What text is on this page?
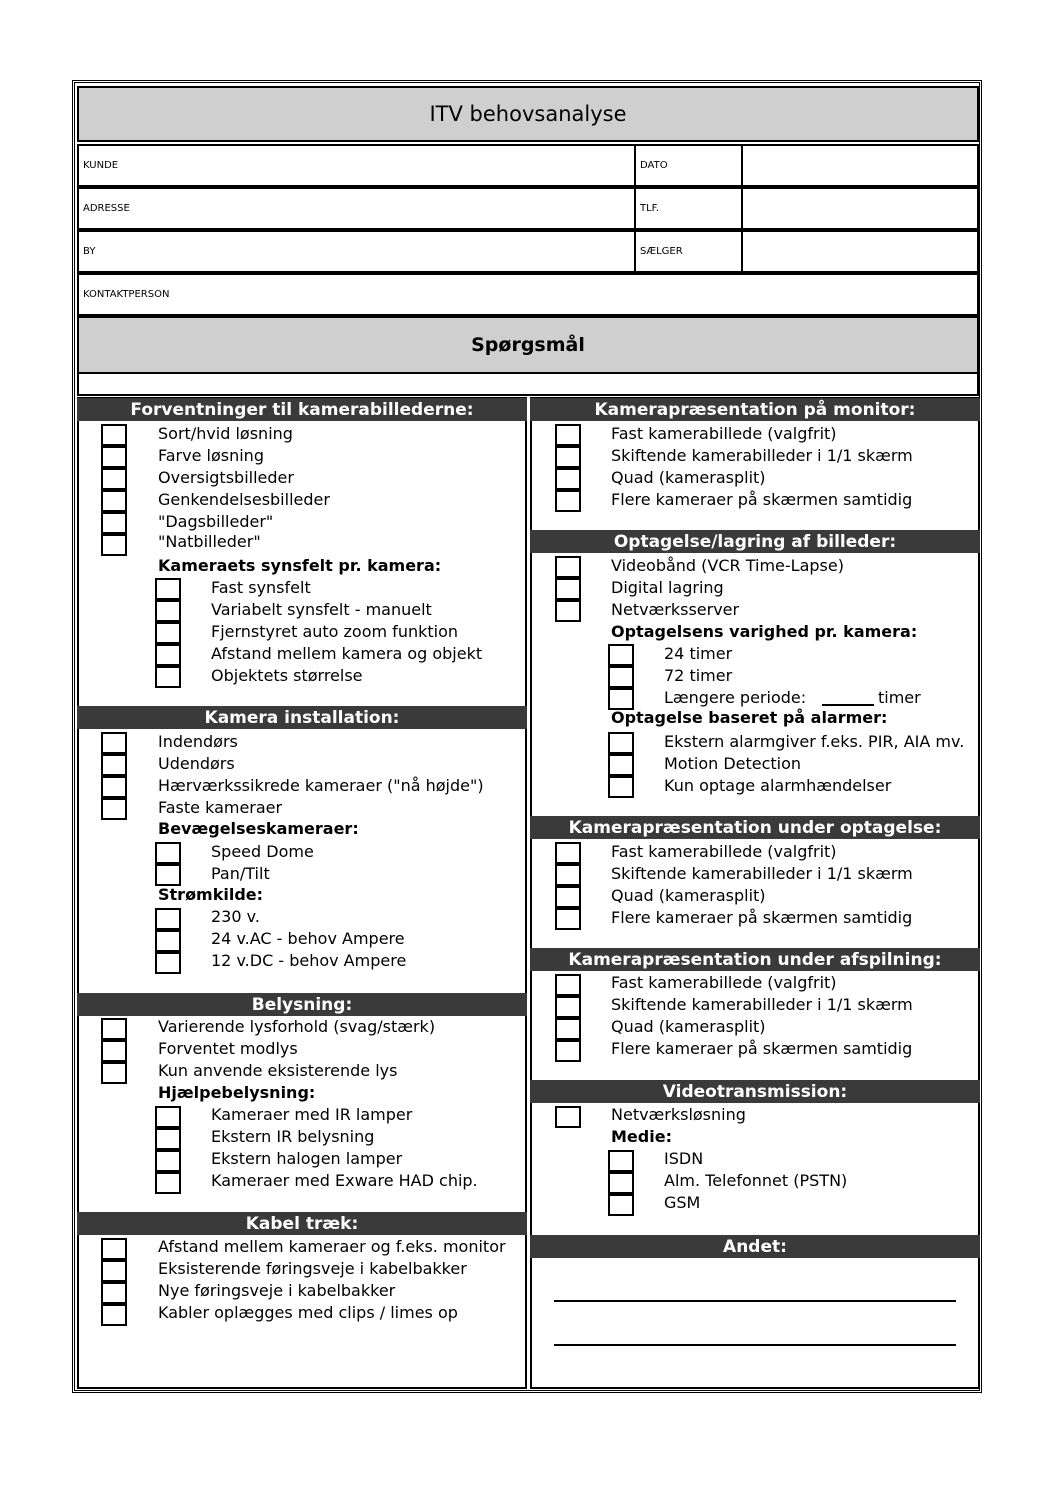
ITV behovsanalyse
KUNDE	DATO
ADRESSE	TLF.
BY	SÆLGER
KONTAKTPERSON
Spørgsmål
Forventninger til kamerabillederne:
Sort/hvid løsning
Farve løsning
Oversigtsbilleder
Genkendelsesbilleder
"Dagsbilleder"
"Natbilleder"
Kameraets synsfelt pr. kamera:
Fast synsfelt
Variabelt synsfelt - manuelt
Fjernstyret auto zoom funktion
Afstand mellem kamera og objekt
Objektets størrelse
Kamera installation:
Indendørs
Udendørs
Hærværkssikrede kameraer ("nå højde")
Faste kameraer
Bevægelseskameraer:
Speed Dome
Pan/Tilt
Strømkilde:
230 v.
24 v.AC - behov Ampere
12 v.DC - behov Ampere
Belysning:
Varierende lysforhold (svag/stærk)
Forventet modlys
Kun anvende eksisterende lys
Hjælpebelysning:
Kameraer med IR lamper
Ekstern IR belysning
Ekstern halogen lamper
Kameraer med Exware HAD chip.
Kabel træk:
Afstand mellem kameraer og f.eks. monitor
Eksisterende føringsveje i kabelbakker
Nye føringsveje i kabelbakker
Kabler oplægges med clips / limes op
Kamerapræsentation på monitor:
Fast kamerabillede (valgfrit)
Skiftende kamerabilleder i 1/1 skærm
Quad (kamerasplit)
Flere kameraer på skærmen samtidig
Optagelse/lagring af billeder:
Videobånd (VCR Time-Lapse)
Digital lagring
Netværksserver
Optagelsens varighed pr. kamera:
24 timer
72 timer
Længere periode:	timer
Optagelse baseret på alarmer:
Ekstern alarmgiver f.eks. PIR, AIA mv.
Motion Detection
Kun optage alarmhændelser
Kamerapræsentation under optagelse:
Fast kamerabillede (valgfrit)
Skiftende kamerabilleder i 1/1 skærm
Quad (kamerasplit)
Flere kameraer på skærmen samtidig
Kamerapræsentation under afspilning:
Fast kamerabillede (valgfrit)
Skiftende kamerabilleder i 1/1 skærm
Quad (kamerasplit)
Flere kameraer på skærmen samtidig
Videotransmission:
Netværksløsning
Medie:
ISDN
Alm. Telefonnet (PSTN)
GSM
Andet:
